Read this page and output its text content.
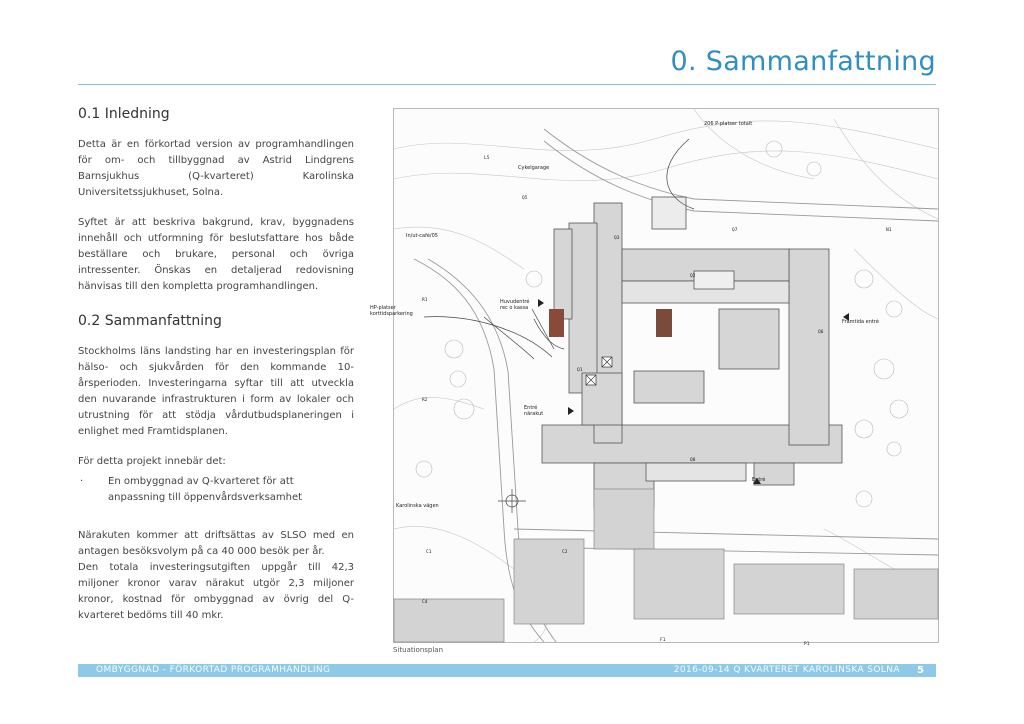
0. Sammanfattning
0.1 Inledning

Detta är en förkortad version av programhandlingen för om- och tillbyggnad av Astrid Lindgrens Barnsjukhus (Q-kvarteret) Karolinska Universitetssjukhuset, Solna.

Syftet är att beskriva bakgrund, krav, byggnadens innehåll och utformning för beslutsfattare hos både beställare och brukare, personal och övriga intressenter. Önskas en detaljerad redovisning hänvisas till den kompletta programhandlingen.

0.2 Sammanfattning

Stockholms läns landsting har en investeringsplan för hälso- och sjukvården för den kommande 10-årsperioden. Investeringarna syftar till att utveckla den nuvarande infrastrukturen i form av lokaler och utrustning för att stödja vårdutbudsplaneringen i enlighet med Framtidsplanen.

För detta projekt innebär det:

·	En ombyggnad av Q-kvarteret för att anpassning till öppenvårdsverksamhet

Närakuten kommer att driftsättas av SLSO med en antagen besöksvolym på ca 40 000 besök per år.

Den totala investeringsutgiften uppgår till 42,3 miljoner kronor varav närakut utgör 2,3 miljoner kronor, kostnad för ombyggnad av övrig del Q-kvarteret bedöms till 40 mkr.

206 P-platser totalt
Cykelgarage
In/ut-café/05
HP-platser
korttidsparkering
Huvudentré
rec o kassa
Entré
närakut
Framtida entré
Entré
Karolinska vägen
Q3
Q2
Q5
Q6
Q7
Q1
Q8
R1
R2
C1	C2
C4
F1
P1
L5
N1
Situationsplan
OMBYGGNAD - FÖRKORTAD PROGRAMHANDLING	2016-09-14 Q KVARTERET KAROLINSKA SOLNA 5
